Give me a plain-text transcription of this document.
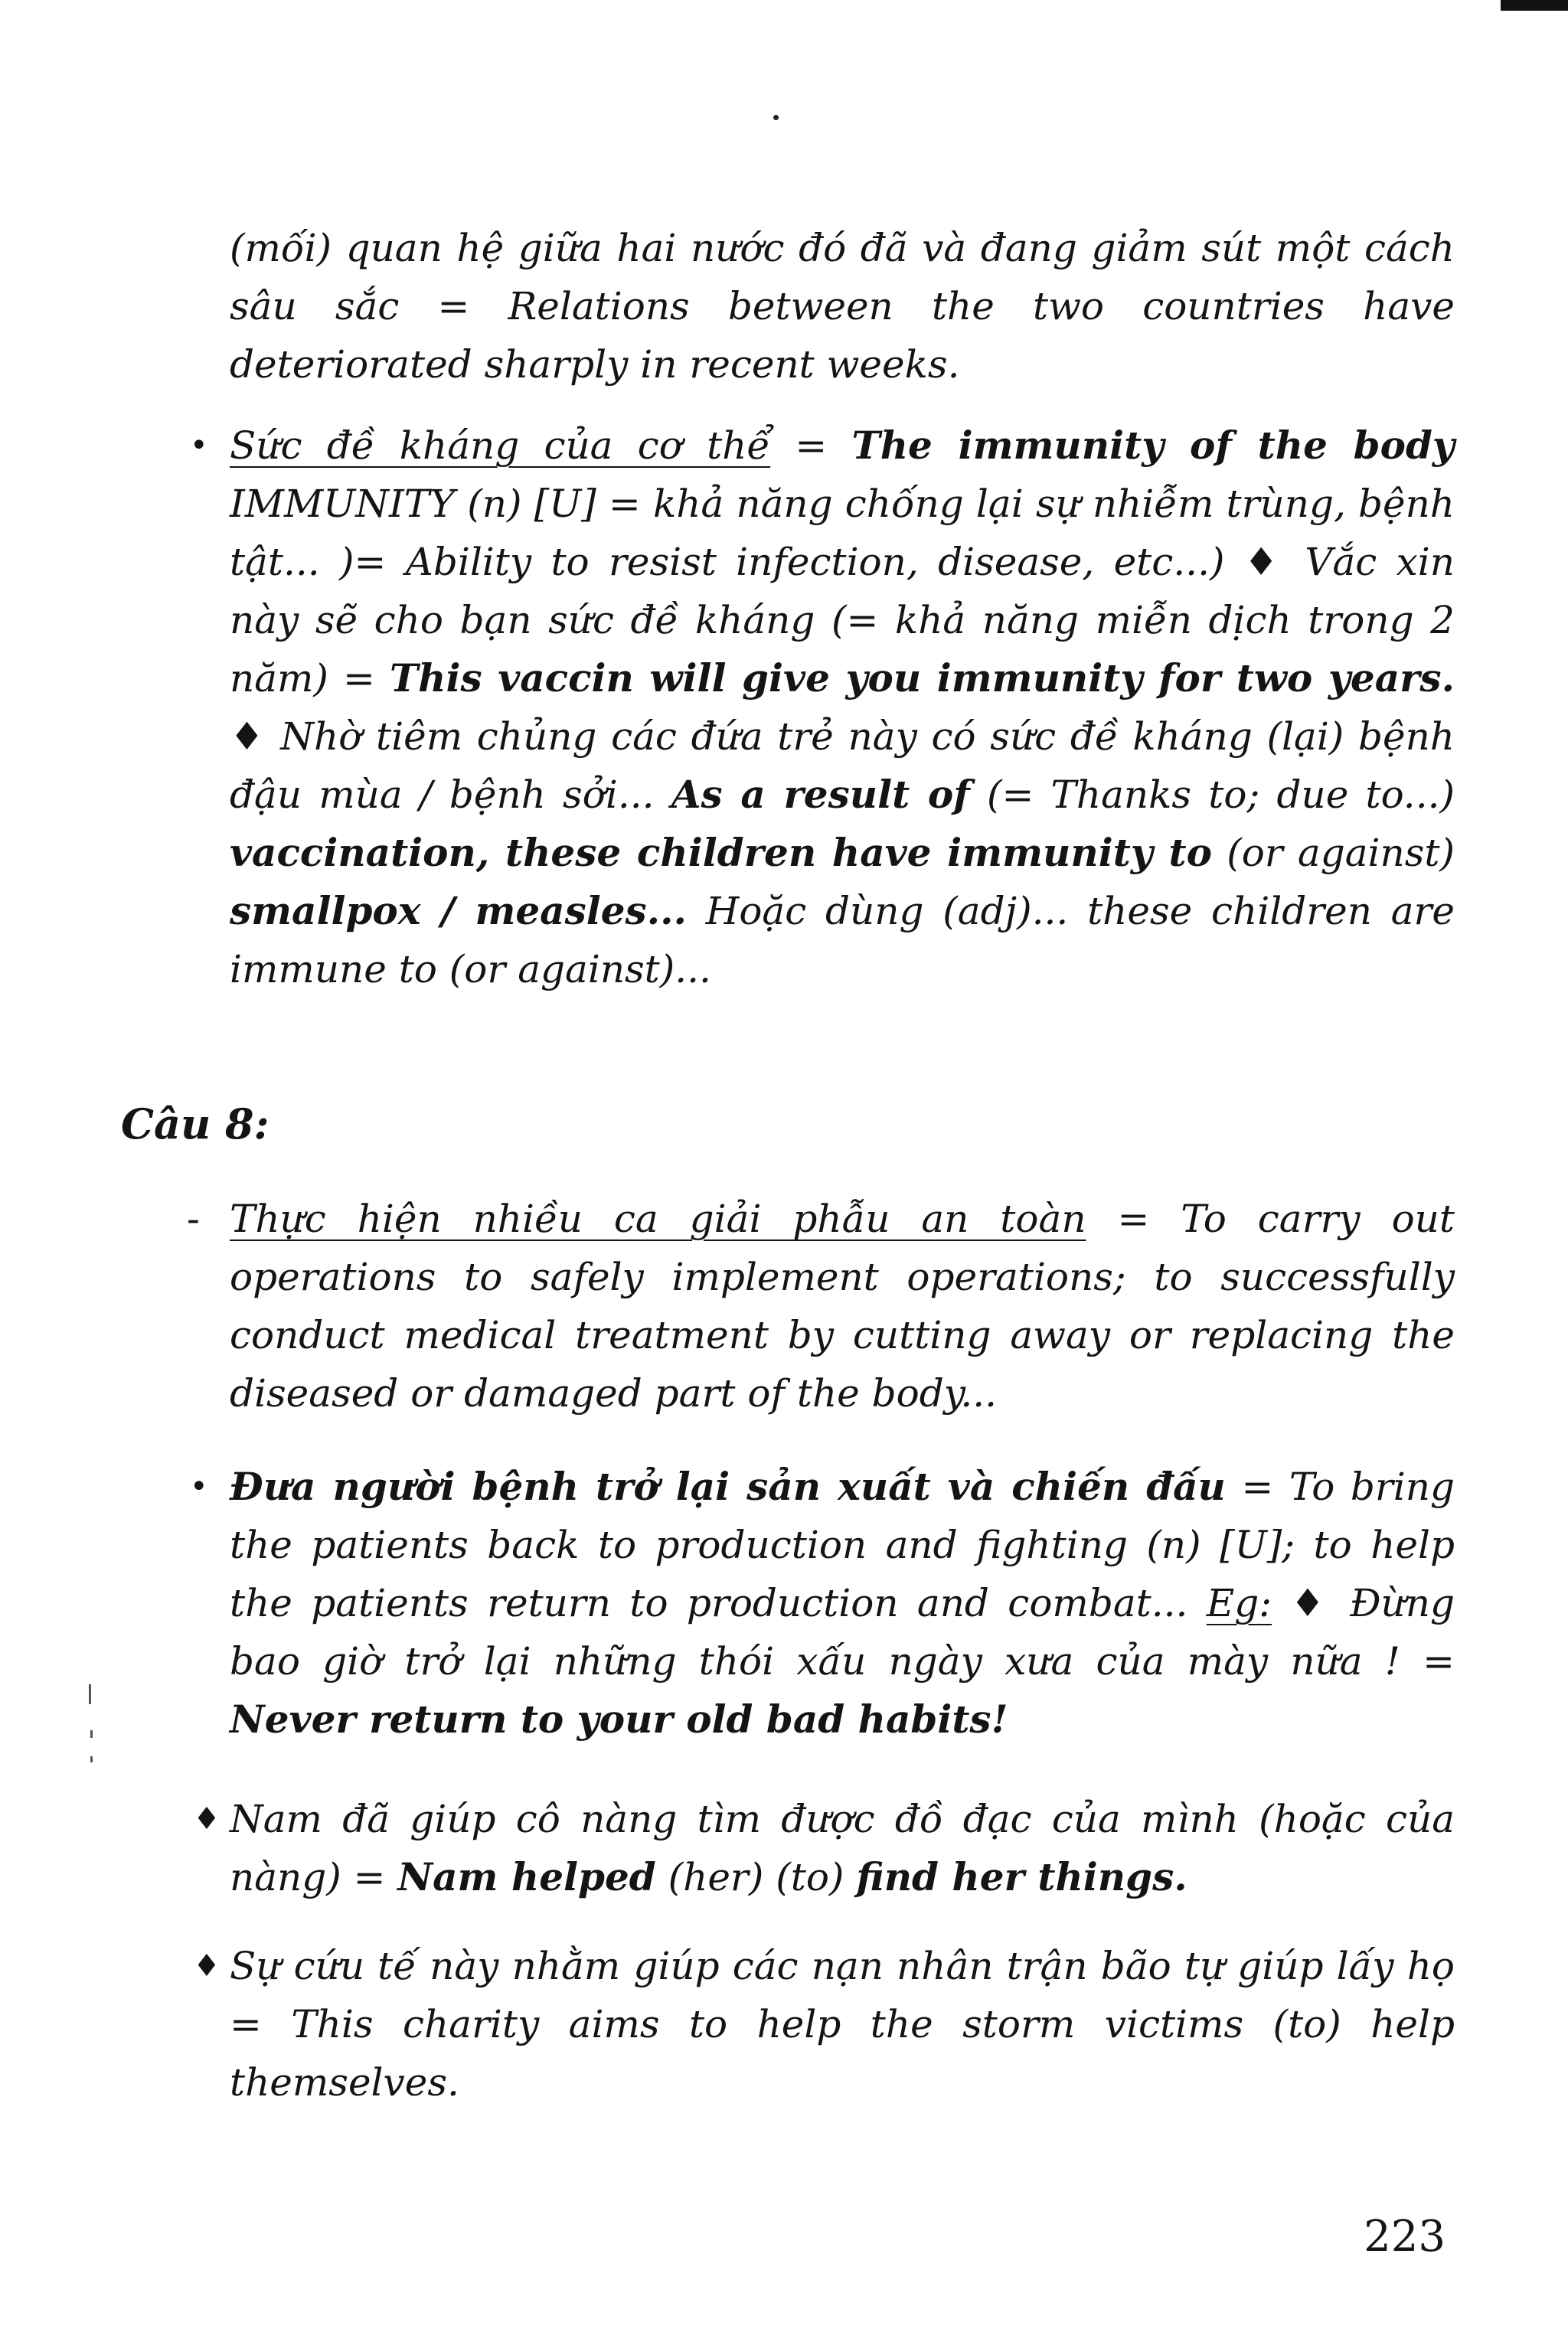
(mối) quan hệ giữa hai nước đó đã và đang giảm sút một cách sâu sắc = Relations between the two countries have deteriorated sharply in recent weeks.
• Sức đề kháng của cơ thể = The immunity of the body IMMUNITY (n) [U] = khả năng chống lại sự nhiễm trùng, bệnh tật... )= Ability to resist infection, disease, etc...) ♦ Vắc xin này sẽ cho bạn sức đề kháng (= khả năng miễn dịch trong 2 năm) = This vaccin will give you immunity for two years. ♦ Nhờ tiêm chủng các đứa trẻ này có sức đề kháng (lại) bệnh đậu mùa / bệnh sởi... As a result of (= Thanks to; due to...) vaccination, these children have immunity to (or against) smallpox / measles... Hoặc dùng (adj)... these children are immune to (or against)...
Câu 8:
- Thực hiện nhiều ca giải phẫu an toàn = To carry out operations to safely implement operations; to successfully conduct medical treatment by cutting away or replacing the diseased or damaged part of the body...
• Đưa người bệnh trở lại sản xuất và chiến đấu = To bring the patients back to production and fighting (n) [U]; to help the patients return to production and combat... Eg: ♦ Đừng bao giờ trở lại những thói xấu ngày xưa của mày nữa ! = Never return to your old bad habits!
♦ Nam đã giúp cô nàng tìm được đồ đạc của mình (hoặc của nàng) = Nam helped (her) (to) find her things.
♦ Sự cứu tế này nhằm giúp các nạn nhân trận bão tự giúp lấy họ = This charity aims to help the storm victims (to) help themselves.
223
